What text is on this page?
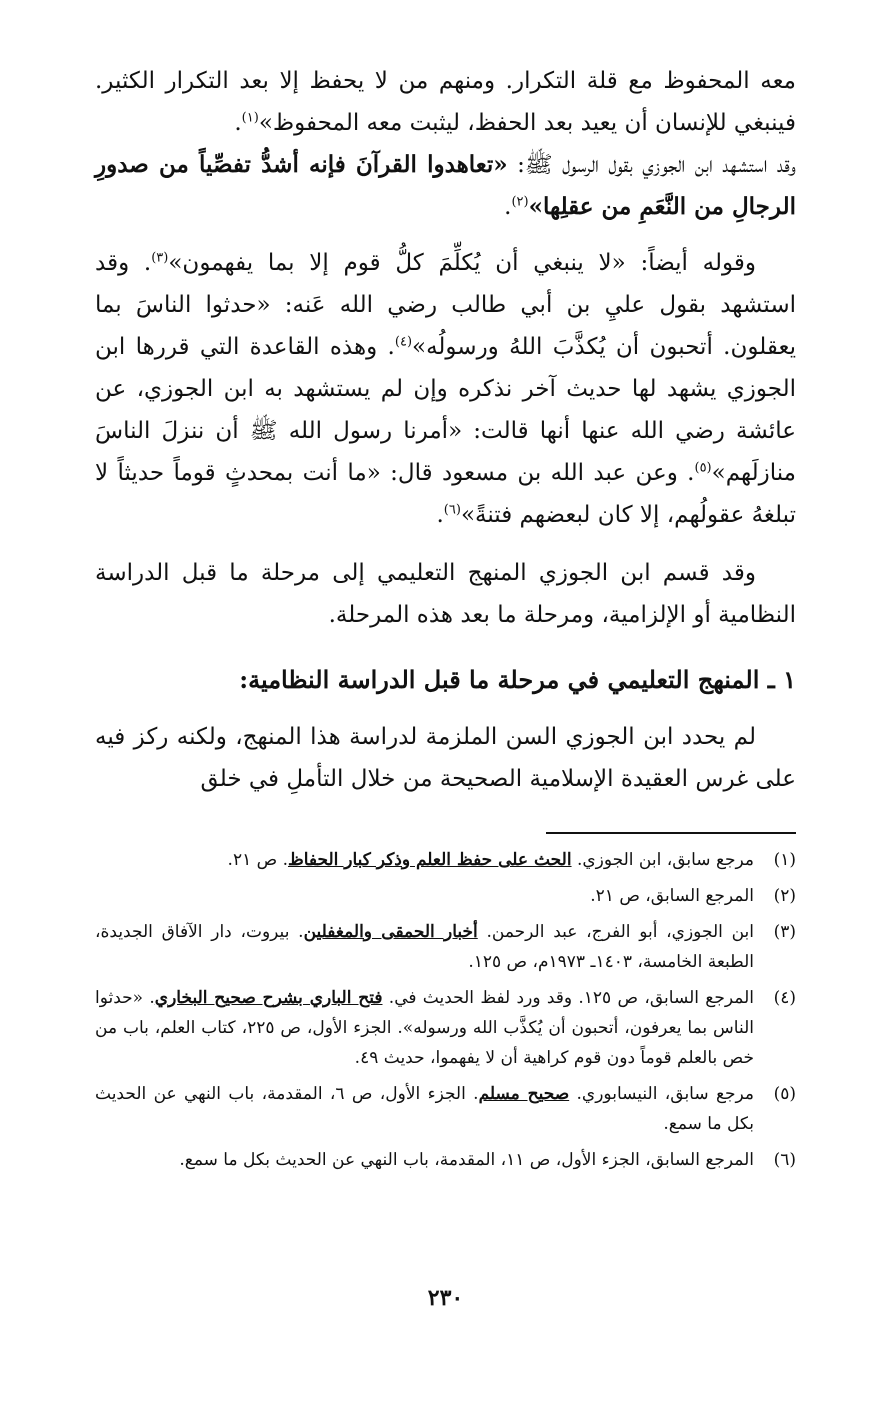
معه المحفوظ مع قلة التكرار. ومنهم من لا يحفظ إلا بعد التكرار الكثير. فينبغي للإنسان أن يعيد بعد الحفظ، ليثبت معه المحفوظ»$^{(١)}$.

وقد استشهد ابن الجوزي بقول الرسول ﷺ: «تعاهدوا القرآنَ فإنه أشدُّ تفصِّياً من صدورِ الرجالِ من النَّعَمِ من عقلِها»$^{(٢)}$.

وقوله أيضاً: «لا ينبغي أن يُكلِّمَ كلُّ قوم إلا بما يفهمون»$^{(٣)}$. وقد استشهد بقول عليِ بن أبي طالب رضي الله عَنه: «حدثوا الناسَ بما يعقلون. أتحبون أن يُكذَّبَ اللهُ ورسولُه»$^{(٤)}$. وهذه القاعدة التي قررها ابن الجوزي يشهد لها حديث آخر نذكره وإن لم يستشهد به ابن الجوزي، عن عائشة رضي الله عنها أنها قالت: «أمرنا رسول الله ﷺ أن ننزلَ الناسَ منازلَهم»$^{(٥)}$. وعن عبد الله بن مسعود قال: «ما أنت بمحدثٍ قوماً حديثاً لا تبلغهُ عقولُهم، إلا كان لبعضهم فتنةً»$^{(٦)}$.

وقد قسم ابن الجوزي المنهج التعليمي إلى مرحلة ما قبل الدراسة النظامية أو الإلزامية، ومرحلة ما بعد هذه المرحلة.

١ ـ المنهج التعليمي في مرحلة ما قبل الدراسة النظامية:

لم يحدد ابن الجوزي السن الملزمة لدراسة هذا المنهج، ولكنه ركز فيه على غرس العقيدة الإسلامية الصحيحة من خلال التأملِ في خلق

(١)
مرجع سابق، ابن الجوزي. الحث على حفظ العلم وذكر كبار الحفاظ. ص ٢١.
(٢)
المرجع السابق، ص ٢١.
(٣)
ابن الجوزي، أبو الفرج، عبد الرحمن. أخبار الحمقى والمغفلين. بيروت، دار الآفاق الجديدة، الطبعة الخامسة، ١٤٠٣ـ ١٩٧٣م، ص ١٢٥.
(٤)
المرجع السابق، ص ١٢٥. وقد ورد لفظ الحديث في. فتح الباري بشرح صحيح البخاري. «حدثوا الناس بما يعرفون، أتحبون أن يُكذَّب الله ورسوله». الجزء الأول، ص ٢٢٥، كتاب العلم، باب من خص بالعلم قوماً دون قوم كراهية أن لا يفهموا، حديث ٤٩.
(٥)
مرجع سابق، النيسابوري. صحيح مسلم. الجزء الأول، ص ٦، المقدمة، باب النهي عن الحديث بكل ما سمع.
(٦)
المرجع السابق، الجزء الأول، ص ١١، المقدمة، باب النهي عن الحديث بكل ما سمع.
٢٣٠
